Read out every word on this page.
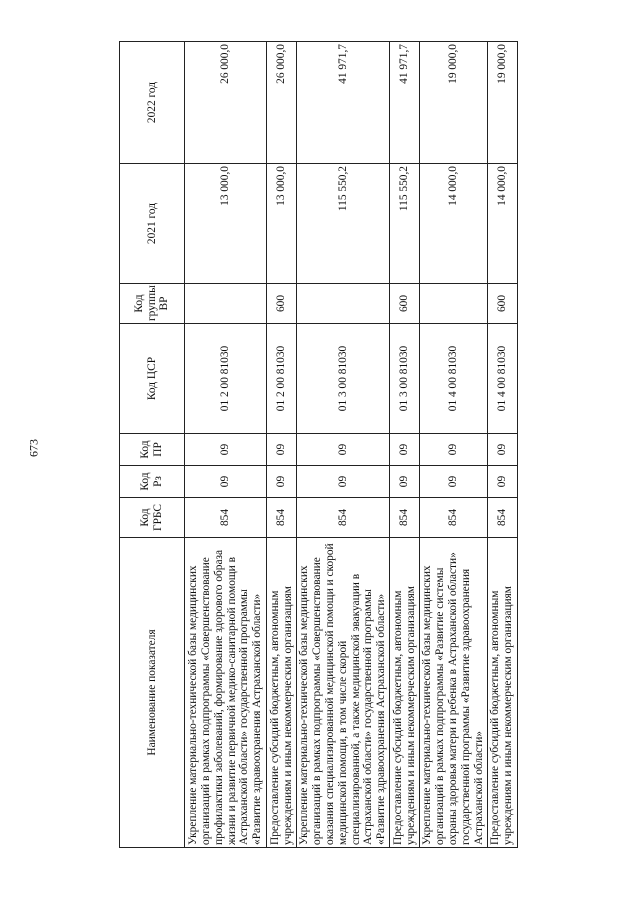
673
Наименование показателя	Код ГРБС	Код Рз	Код ПР	Код ЦСР	Код группы ВР	2021 год	2022 год
Укрепление материально-технической базы медицинских организаций в рамках подпрограммы «Совершенствование профилактики заболеваний, формирование здорового образа жизни и развитие первичной медико-санитарной помощи в Астраханской области» государственной программы «Развитие здравоохранения Астраханской области»	854	09	09	01 2 00 81030		13 000,0	26 000,0
Предоставление субсидий бюджетным, автономным учреждениям и иным некоммерческим организациям	854	09	09	01 2 00 81030	600	13 000,0	26 000,0
Укрепление материально-технической базы медицинских организаций в рамках подпрограммы «Совершенствование оказания специализированной медицинской помощи и скорой медицинской помощи, в том числе скорой специализированной, а также медицинской эвакуации в Астраханской области» государственной программы «Развитие здравоохранения Астраханской области»	854	09	09	01 3 00 81030		115 550,2	41 971,7
Предоставление субсидий бюджетным, автономным учреждениям и иным некоммерческим организациям	854	09	09	01 3 00 81030	600	115 550,2	41 971,7
Укрепление материально-технической базы медицинских организаций в рамках подпрограммы «Развитие системы охраны здоровья матери и ребенка в Астраханской области» государственной программы «Развитие здравоохранения Астраханской области»	854	09	09	01 4 00 81030		14 000,0	19 000,0
Предоставление субсидий бюджетным, автономным учреждениям и иным некоммерческим организациям	854	09	09	01 4 00 81030	600	14 000,0	19 000,0
